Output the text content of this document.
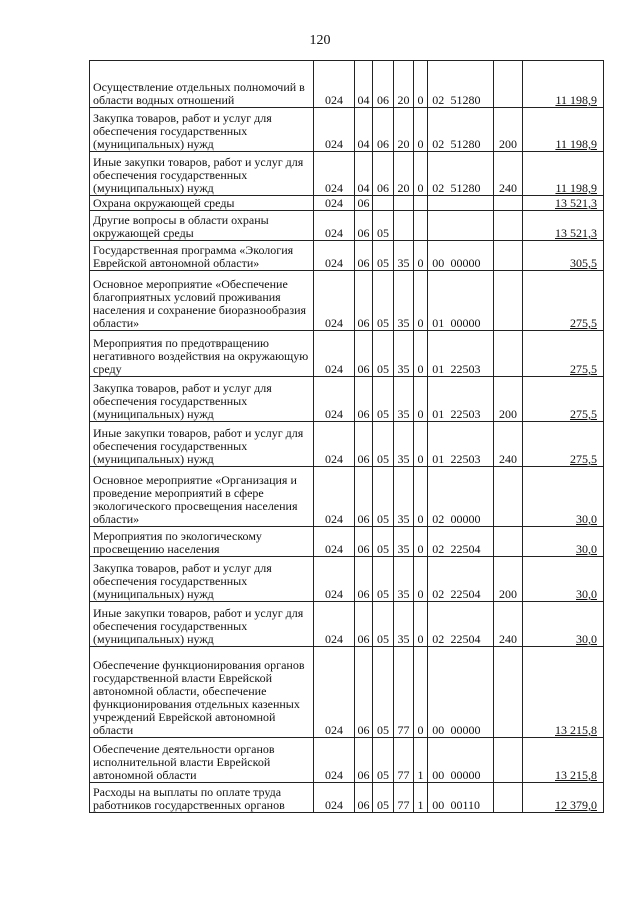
120
Осуществление отдельных полномочий в области водных отношений	024	04	06	20	0	02	51280		11 198,9
Закупка товаров, работ и услуг для обеспечения государственных (муниципальных) нужд	024	04	06	20	0	02	51280	200	11 198,9
Иные закупки товаров, работ и услуг для обеспечения государственных (муниципальных) нужд	024	04	06	20	0	02	51280	240	11 198,9
Охрана окружающей среды	024	06							13 521,3
Другие вопросы в области охраны окружающей среды	024	06	05						13 521,3
Государственная программа «Экология Еврейской автономной области»	024	06	05	35	0	00	00000		305,5
Основное мероприятие «Обеспечение благоприятных условий проживания населения и сохранение биоразнообразия области»	024	06	05	35	0	01	00000		275,5
Мероприятия по предотвращению негативного воздействия на окружающую среду	024	06	05	35	0	01	22503		275,5
Закупка товаров, работ и услуг для обеспечения государственных (муниципальных) нужд	024	06	05	35	0	01	22503	200	275,5
Иные закупки товаров, работ и услуг для обеспечения государственных (муниципальных) нужд	024	06	05	35	0	01	22503	240	275,5
Основное мероприятие «Организация и проведение мероприятий в сфере экологического просвещения населения области»	024	06	05	35	0	02	00000		30,0
Мероприятия по экологическому просвещению населения	024	06	05	35	0	02	22504		30,0
Закупка товаров, работ и услуг для обеспечения государственных (муниципальных) нужд	024	06	05	35	0	02	22504	200	30,0
Иные закупки товаров, работ и услуг для обеспечения государственных (муниципальных) нужд	024	06	05	35	0	02	22504	240	30,0
Обеспечение функционирования органов государственной власти Еврейской автономной области, обеспечение функционирования отдельных казенных учреждений Еврейской автономной области	024	06	05	77	0	00	00000		13 215,8
Обеспечение деятельности органов исполнительной власти Еврейской автономной области	024	06	05	77	1	00	00000		13 215,8
Расходы на выплаты по оплате труда работников государственных органов	024	06	05	77	1	00	00110		12 379,0
